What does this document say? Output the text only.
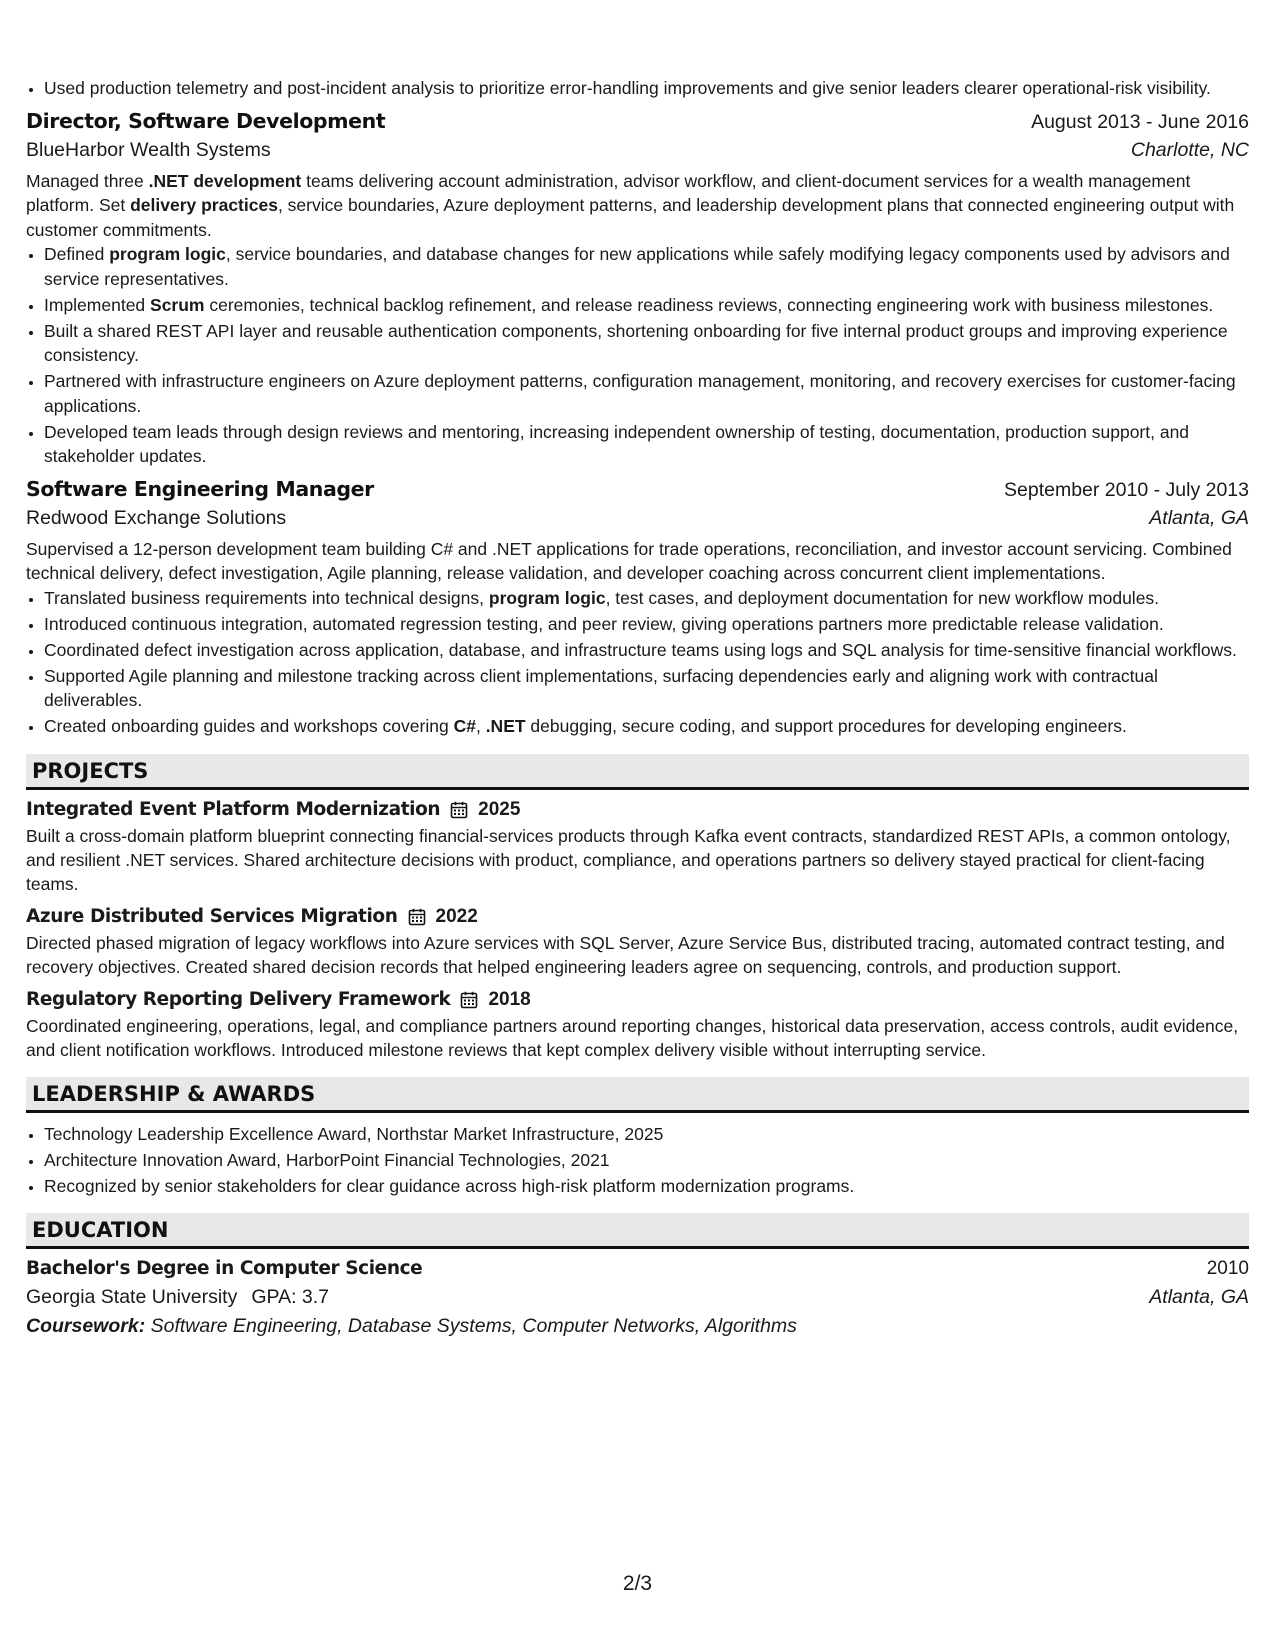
• Used production telemetry and post-incident analysis to prioritize error-handling improvements and give senior leaders clearer operational-risk visibility.
Director, Software Development	August 2013 - June 2016
BlueHarbor Wealth Systems	Charlotte, NC
Managed three .NET development teams delivering account administration, advisor workflow, and client-document services for a wealth management platform. Set delivery practices, service boundaries, Azure deployment patterns, and leadership development plans that connected engineering output with customer commitments.
• Defined program logic, service boundaries, and database changes for new applications while safely modifying legacy components used by advisors and service representatives.
• Implemented Scrum ceremonies, technical backlog refinement, and release readiness reviews, connecting engineering work with business milestones.
• Built a shared REST API layer and reusable authentication components, shortening onboarding for five internal product groups and improving experience consistency.
• Partnered with infrastructure engineers on Azure deployment patterns, configuration management, monitoring, and recovery exercises for customer-facing applications.
• Developed team leads through design reviews and mentoring, increasing independent ownership of testing, documentation, production support, and stakeholder updates.
Software Engineering Manager	September 2010 - July 2013
Redwood Exchange Solutions	Atlanta, GA
Supervised a 12-person development team building C# and .NET applications for trade operations, reconciliation, and investor account servicing. Combined technical delivery, defect investigation, Agile planning, release validation, and developer coaching across concurrent client implementations.
• Translated business requirements into technical designs, program logic, test cases, and deployment documentation for new workflow modules.
• Introduced continuous integration, automated regression testing, and peer review, giving operations partners more predictable release validation.
• Coordinated defect investigation across application, database, and infrastructure teams using logs and SQL analysis for time-sensitive financial workflows.
• Supported Agile planning and milestone tracking across client implementations, surfacing dependencies early and aligning work with contractual deliverables.
• Created onboarding guides and workshops covering C#, .NET debugging, secure coding, and support procedures for developing engineers.
PROJECTS
Integrated Event Platform Modernization 2025
Built a cross-domain platform blueprint connecting financial-services products through Kafka event contracts, standardized REST APIs, a common ontology, and resilient .NET services. Shared architecture decisions with product, compliance, and operations partners so delivery stayed practical for client-facing teams.
Azure Distributed Services Migration 2022
Directed phased migration of legacy workflows into Azure services with SQL Server, Azure Service Bus, distributed tracing, automated contract testing, and recovery objectives. Created shared decision records that helped engineering leaders agree on sequencing, controls, and production support.
Regulatory Reporting Delivery Framework 2018
Coordinated engineering, operations, legal, and compliance partners around reporting changes, historical data preservation, access controls, audit evidence, and client notification workflows. Introduced milestone reviews that kept complex delivery visible without interrupting service.
LEADERSHIP & AWARDS
• Technology Leadership Excellence Award, Northstar Market Infrastructure, 2025
• Architecture Innovation Award, HarborPoint Financial Technologies, 2021
• Recognized by senior stakeholders for clear guidance across high-risk platform modernization programs.
EDUCATION
Bachelor's Degree in Computer Science	2010
Georgia State University GPA: 3.7	Atlanta, GA
Coursework: Software Engineering, Database Systems, Computer Networks, Algorithms
2/3
